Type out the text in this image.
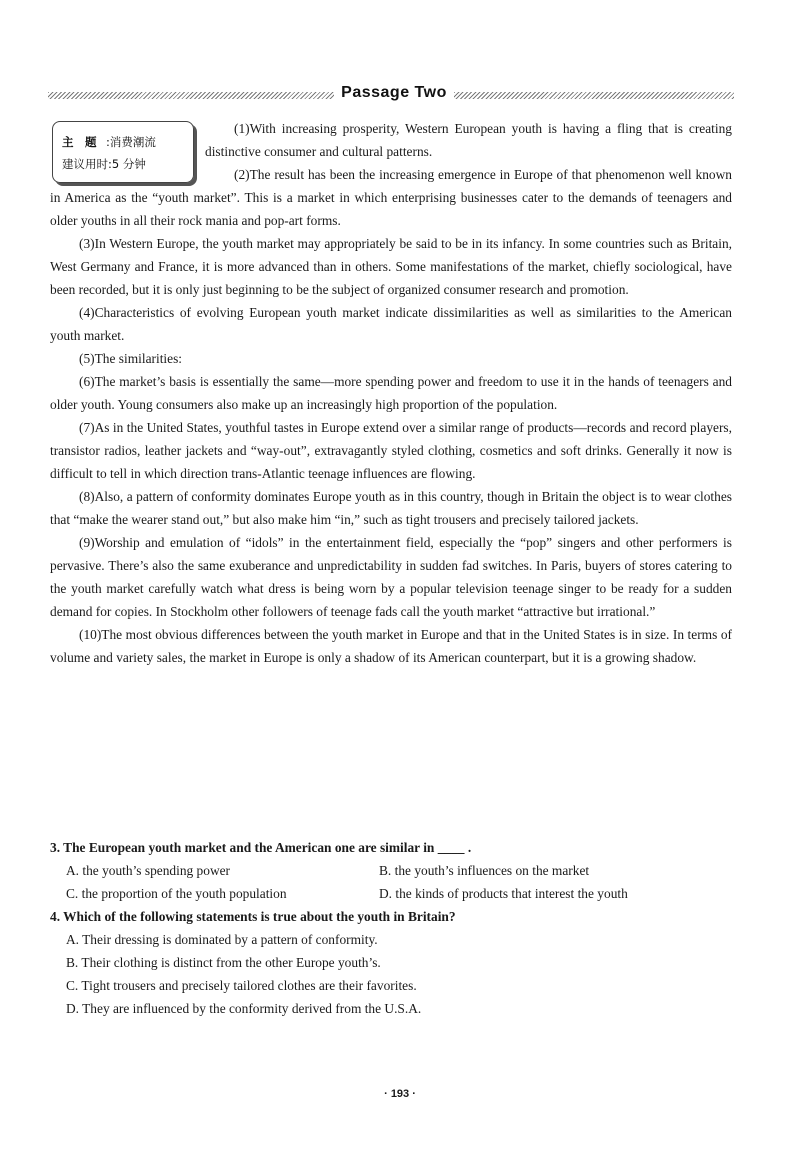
Passage Two
主　题 :消费潮流
建议用时:5 分钟

(1)With increasing prosperity, Western European youth is having a fling that is creating distinctive consumer and cultural patterns.

(2)The result has been the increasing emergence in Europe of that phenomenon well known in America as the “youth market”. This is a market in which enterprising businesses cater to the demands of teenagers and older youths in all their rock mania and pop-art forms.

(3)In Western Europe, the youth market may appropriately be said to be in its infancy. In some countries such as Britain, West Germany and France, it is more advanced than in others. Some manifestations of the market, chiefly sociological, have been recorded, but it is only just beginning to be the subject of organized consumer research and promotion.

(4)Characteristics of evolving European youth market indicate dissimilarities as well as similarities to the American youth market.

(5)The similarities:

(6)The market’s basis is essentially the same—more spending power and freedom to use it in the hands of teenagers and older youth. Young consumers also make up an increasingly high proportion of the population.

(7)As in the United States, youthful tastes in Europe extend over a similar range of products—records and record players, transistor radios, leather jackets and “way-out”, extravagantly styled clothing, cosmetics and soft drinks. Generally it now is difficult to tell in which direction trans-Atlantic teenage influences are flowing.

(8)Also, a pattern of conformity dominates Europe youth as in this country, though in Britain the object is to wear clothes that “make the wearer stand out,” but also make him “in,” such as tight trousers and precisely tailored jackets.

(9)Worship and emulation of “idols” in the entertainment field, especially the “pop” singers and other performers is pervasive. There’s also the same exuberance and unpredictability in sudden fad switches. In Paris, buyers of stores catering to the youth market carefully watch what dress is being worn by a popular television teenage singer to be ready for a sudden demand for copies. In Stockholm other followers of teenage fads call the youth market “attractive but irrational.”

(10)The most obvious differences between the youth market in Europe and that in the United States is in size. In terms of volume and variety sales, the market in Europe is only a shadow of its American counterpart, but it is a growing shadow.

3. The European youth market and the American one are similar in ____ .
A. the youth’s spending power	B. the youth’s influences on the market
C. the proportion of the youth population	D. the kinds of products that interest the youth
4. Which of the following statements is true about the youth in Britain?
A. Their dressing is dominated by a pattern of conformity.
B. Their clothing is distinct from the other Europe youth’s.
C. Tight trousers and precisely tailored clothes are their favorites.
D. They are influenced by the conformity derived from the U.S.A.
· 193 ·
